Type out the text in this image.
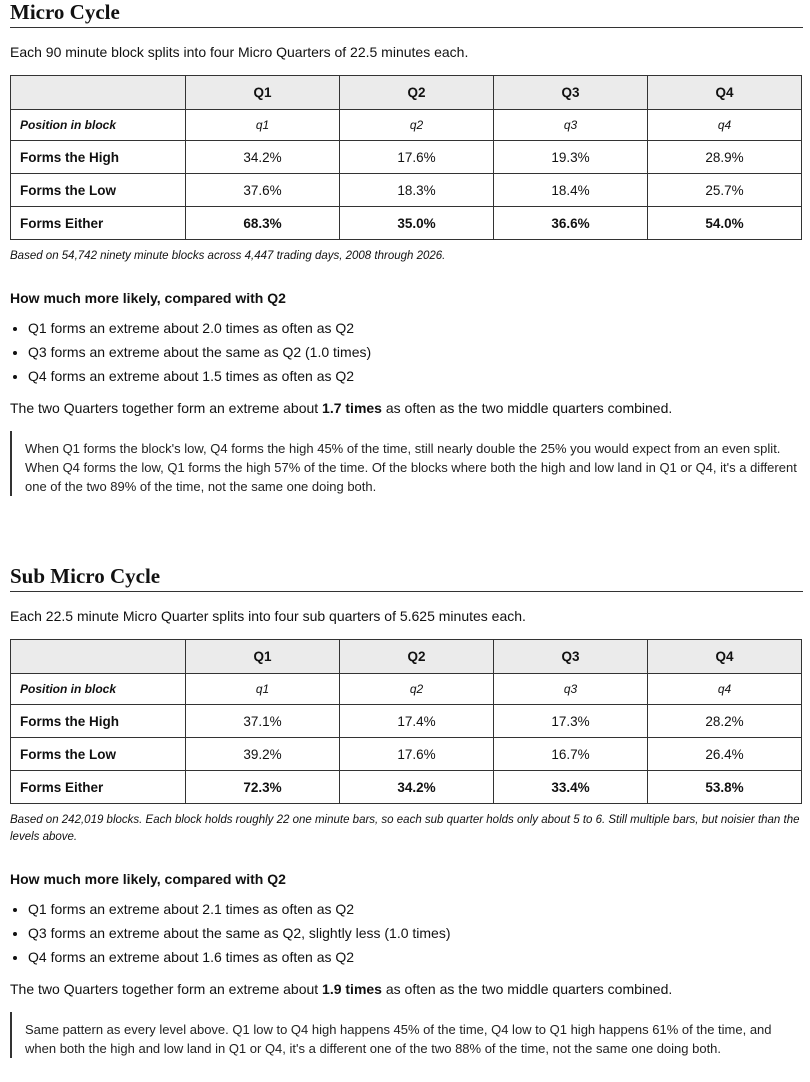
Micro Cycle

Each 90 minute block splits into four Micro Quarters of 22.5 minutes each.

	Q1	Q2	Q3	Q4
Position in block	q1	q2	q3	q4
Forms the High	34.2%	17.6%	19.3%	28.9%
Forms the Low	37.6%	18.3%	18.4%	25.7%
Forms Either	68.3%	35.0%	36.6%	54.0%

Based on 54,742 ninety minute blocks across 4,447 trading days, 2008 through 2026.

How much more likely, compared with Q2
• Q1 forms an extreme about 2.0 times as often as Q2
• Q3 forms an extreme about the same as Q2 (1.0 times)
• Q4 forms an extreme about 1.5 times as often as Q2

The two Quarters together form an extreme about 1.7 times as often as the two middle quarters combined.

When Q1 forms the block's low, Q4 forms the high 45% of the time, still nearly double the 25% you would expect from an even split. When Q4 forms the low, Q1 forms the high 57% of the time. Of the blocks where both the high and low land in Q1 or Q4, it's a different one of the two 89% of the time, not the same one doing both.
Sub Micro Cycle

Each 22.5 minute Micro Quarter splits into four sub quarters of 5.625 minutes each.

	Q1	Q2	Q3	Q4
Position in block	q1	q2	q3	q4
Forms the High	37.1%	17.4%	17.3%	28.2%
Forms the Low	39.2%	17.6%	16.7%	26.4%
Forms Either	72.3%	34.2%	33.4%	53.8%

Based on 242,019 blocks. Each block holds roughly 22 one minute bars, so each sub quarter holds only about 5 to 6. Still multiple bars, but noisier than the levels above.

How much more likely, compared with Q2
• Q1 forms an extreme about 2.1 times as often as Q2
• Q3 forms an extreme about the same as Q2, slightly less (1.0 times)
• Q4 forms an extreme about 1.6 times as often as Q2

The two Quarters together form an extreme about 1.9 times as often as the two middle quarters combined.

Same pattern as every level above. Q1 low to Q4 high happens 45% of the time, Q4 low to Q1 high happens 61% of the time, and when both the high and low land in Q1 or Q4, it's a different one of the two 88% of the time, not the same one doing both.
